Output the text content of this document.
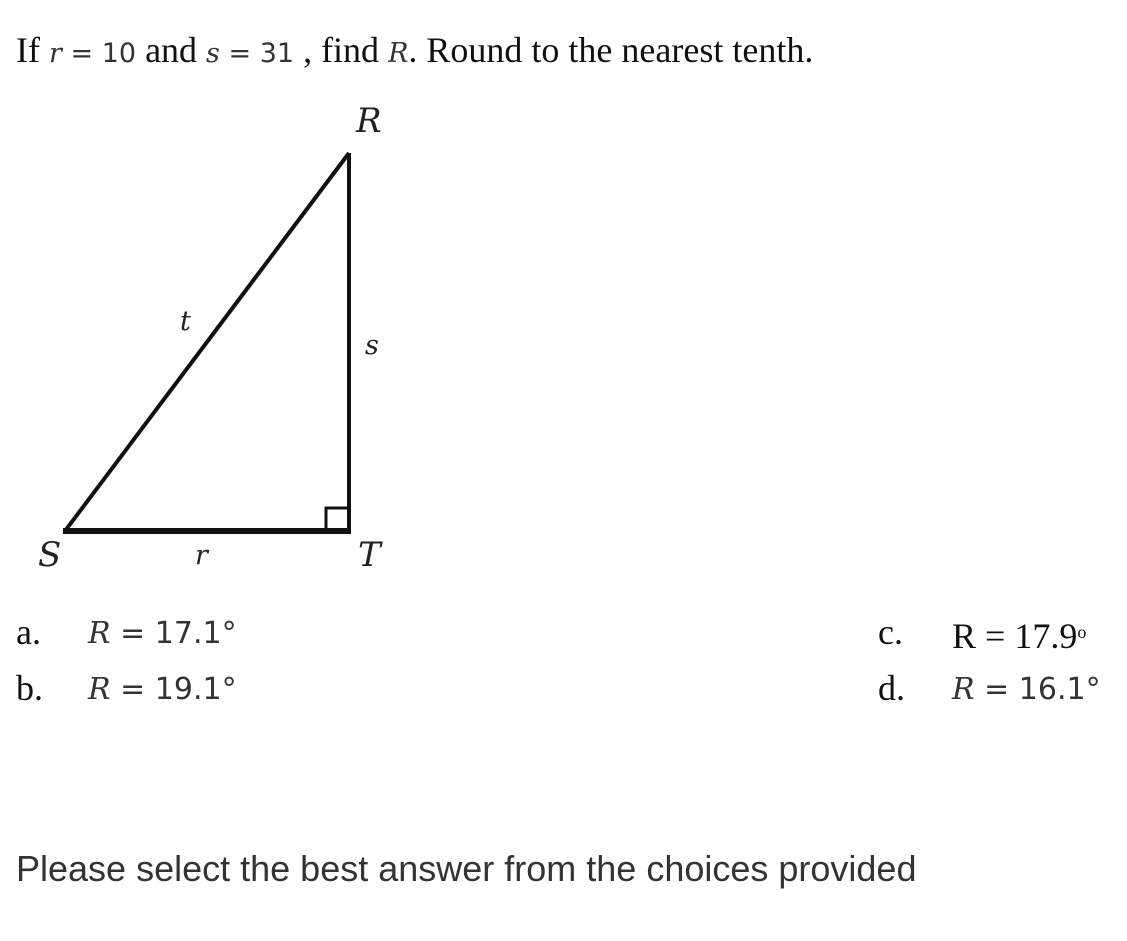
If r = 10 and s = 31 , find R. Round to the nearest tenth.
R
S	T
t
s
r
a. R = 17.1°
b. R = 19.1°
c. $R = 17.9^o$
d. R = 16.1°
Please select the best answer from the choices provided
